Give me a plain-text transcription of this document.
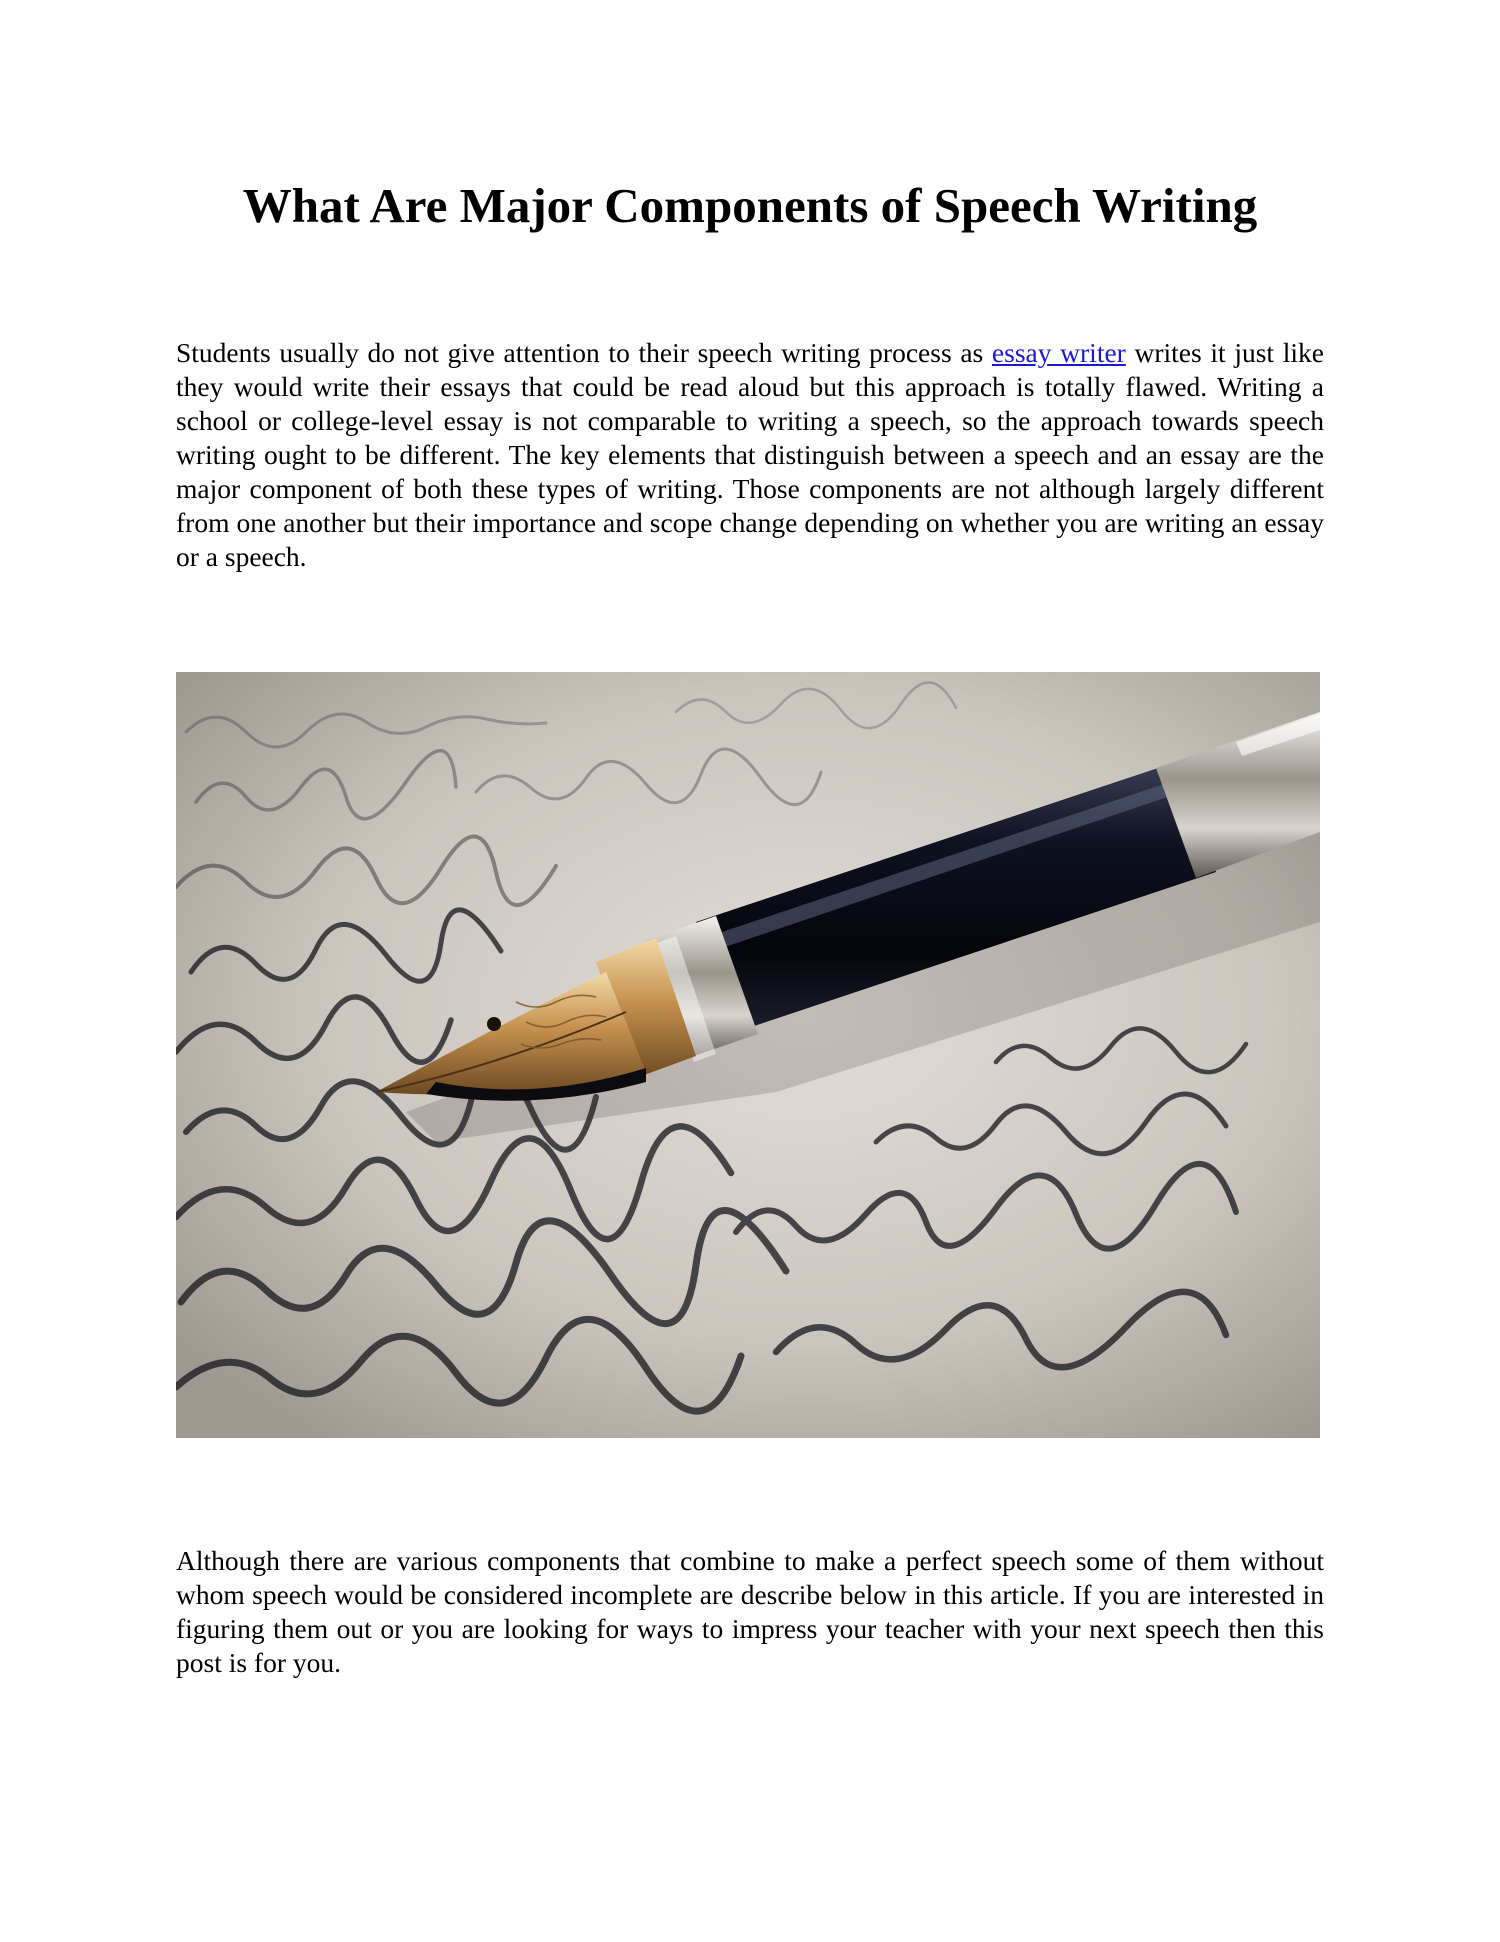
What Are Major Components of Speech Writing

Students usually do not give attention to their speech writing process as essay writer writes it just like they would write their essays that could be read aloud but this approach is totally flawed. Writing a school or college-level essay is not comparable to writing a speech, so the approach towards speech writing ought to be different. The key elements that distinguish between a speech and an essay are the major component of both these types of writing. Those components are not although largely different from one another but their importance and scope change depending on whether you are writing an essay or a speech.

Although there are various components that combine to make a perfect speech some of them without whom speech would be considered incomplete are describe below in this article. If you are interested in figuring them out or you are looking for ways to impress your teacher with your next speech then this post is for you.
